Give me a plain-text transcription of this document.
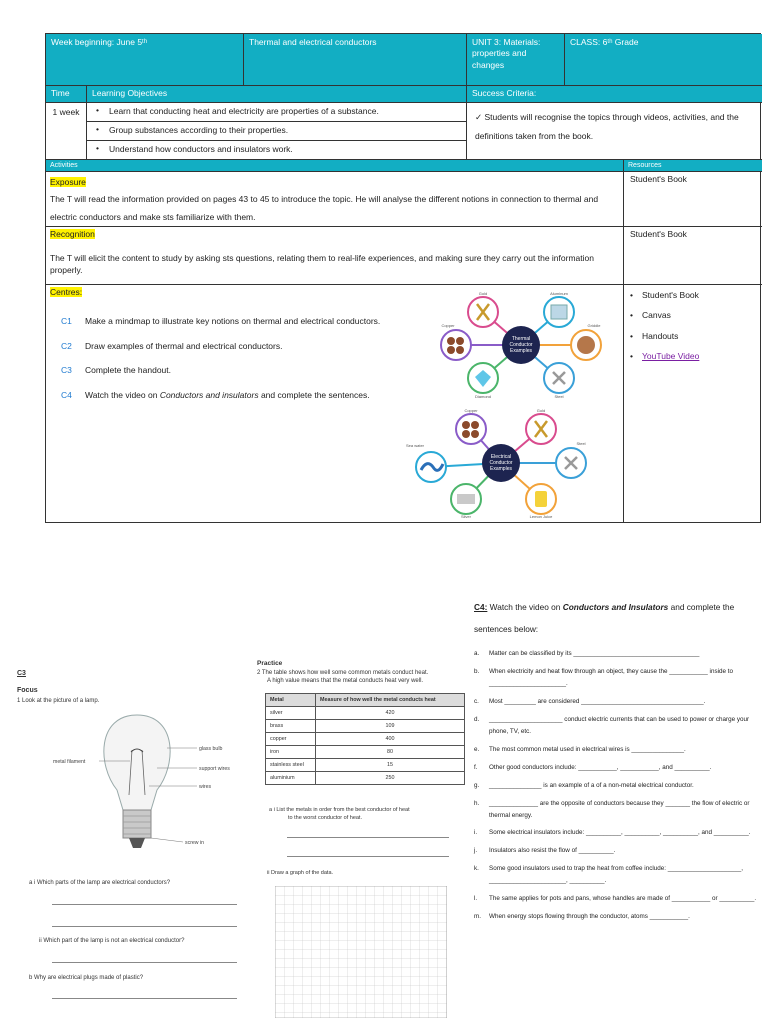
Week beginning: June 5ᵗʰ	Thermal and electrical conductors	UNIT 3: Materials: properties and changes
CLASS: 6ᵗʰ Grade
Time	Learning Objectives	Success Criteria:
1 week	• Learn that conducting heat and electricity are properties of a substance.
• Group substances according to their properties.
• Understand how conductors and insulators work.
✓ Students will recognise the topics through videos, activities, and the definitions taken from the book.
Activities	Resources
Exposure
The T will read the information provided on pages 43 to 45 to introduce the topic. He will analyse the different notions in connection to thermal and electric conductors and make sts familiarize with them.
Student's Book
Recognition
The T will elicit the content to study by asking sts questions, relating them to real-life experiences, and making sure they carry out the information properly.
Student's Book
Centres:
C1 Make a mindmap to illustrate key notions on thermal and electrical conductors.
C2 Draw examples of thermal and electrical conductors.
C3 Complete the handout.
C4 Watch the video on Conductors and insulators and complete the sentences.
Thermal
Conductor
Examples
Gold	Aluminum
Griddle
Steel
Diamond
Copper
Electrical
Conductor
Examples
Copper	Gold
Steel
Lemon Juice
Silver
Sea water
• Student's Book
• Canvas
• Handouts
• YouTube Video
C3
Focus
1 Look at the picture of a lamp.
metal filament
glass bulb
support wires
wires
screw in
a i Which parts of the lamp are electrical conductors?
ii Which part of the lamp is not an electrical conductor?
b Why are electrical plugs made of plastic?
Practice
2 The table shows how well some common metals conduct heat.
A high value means that the metal conducts heat very well.
Metal	Measure of how well the metal conducts heat
silver	420
brass	109
copper	400
iron	80
stainless steel	15
aluminium	250
a i List the metals in order from the best conductor of heat
to the worst conductor of heat.
ii Draw a graph of the data.
C4: Watch the video on Conductors and Insulators and complete the sentences below:
a. Matter can be classified by its ____________________________________
b. When electricity and heat flow through an object, they cause the ___________ inside to ______________________.
c. Most _________ are considered ___________________________________.
d. _____________________ conduct electric currents that can be used to power or charge your phone, TV, etc.
e. The most common metal used in electrical wires is _______________.
f. Other good conductors include: ___________, ___________, and __________.
g. _______________ is an example of a of a non-metal electrical conductor.
h. ______________ are the opposite of conductors because they _______ the flow of electric or thermal energy.
i. Some electrical insulators include: __________, __________, __________, and __________.
j. Insulators also resist the flow of __________.
k. Some good insulators used to trap the heat from coffee include: _____________________, ______________________, __________.
l. The same applies for pots and pans, whose handles are made of ___________ or __________.
m. When energy stops flowing through the conductor, atoms ___________.
